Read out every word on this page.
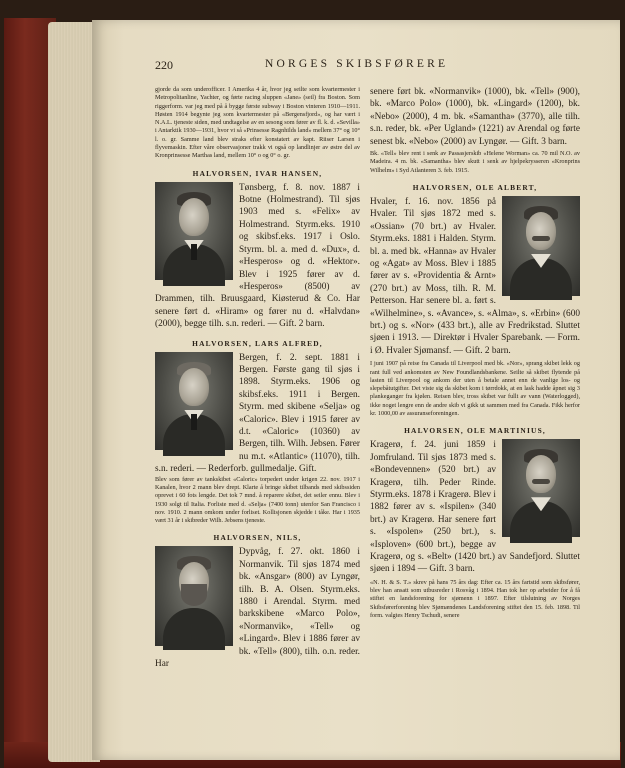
220	NORGES SKIBSFØRERE

gjorde da som underofficer. I Amerika 4 år, hvor jeg seilte som kvartermester i Metropolitanline, Yachter, og førte racing sluppen «Jane» (seil) fra Boston. Som riggerform. var jeg med på å bygge første subway i Boston vinteren 1910—1911. Høsten 1914 begynte jeg som kvartermester på «Bergensfjord», og har vært i N.A.L. tjeneste siden, med undtagelse av en sesong som fører av fl. k. d. «Sevilla» i Antarktik 1930—1931, hvor vi så «Prinsesse Ragnhilds land» mellem 37° og 10° l. o. gr. Samme land blev straks efter konstatert av kapt. Riiser Larsen i flyvemaskin. Efter våre observasjoner trakk vi også op landlinjer av østre del av Kronprinsesse Marthas land, mellem 10° o og 0° o. gr.

HALVORSEN, IVAR HANSEN,

Tønsberg, f. 8. nov. 1887 i Botne (Holmestrand). Til sjøs 1903 med s. «Felix» av Holmestrand. Styrm.eks. 1910 og skibsf.eks. 1917 i Oslo. Styrm. bl. a. med d. «Dux», d. «Hesperos» og d. «Hektor». Blev i 1925 fører av d. «Hesperos» (8500) av Drammen, tilh. Bruusgaard, Kiøsterud & Co. Har senere ført d. «Hiram» og fører nu d. «Halvdan» (2000), begge tilh. s.n. rederi. — Gift. 2 barn.

HALVORSEN, LARS ALFRED,

Bergen, f. 2. sept. 1881 i Bergen. Første gang til sjøs i 1898. Styrm.eks. 1906 og skibsf.eks. 1911 i Bergen. Styrm. med skibene «Selja» og «Caloric». Blev i 1915 fører av d.t. «Caloric» (10360) av Bergen, tilh. Wilh. Jebsen. Fører nu m.t. «Atlantic» (11070), tilh. s.n. rederi. — Rederforb. gullmedalje. Gift.

Blev som fører av tankskibet «Caloric» torpedert under krigen 22. nov. 1917 i Kanalen, hvor 2 mann blev drept. Klarte å bringe skibet tilbands med skibssiden oprevet i 60 fots lengde. Det tok 7 mnd. å reparere skibet, det seiler ennu. Blev i 1930 solgt til Italia. Forliste med d. «Selja» (7400 tonn) utenfor San Francisco i nov. 1910. 2 mann omkom under forliset. Kollisjonen skjedde i tåke. Har i 1935 vært 31 år i skibreder Wilh. Jebsens tjeneste.

HALVORSEN, NILS,

Dypvåg, f. 27. okt. 1860 i Normanvik. Til sjøs 1874 med bk. «Ansgar» (800) av Lyngør, tilh. B. A. Olsen. Styrm.eks. 1880 i Arendal. Styrm. med barkskibene «Marco Polo», «Normanvik», «Tell» og «Lingard». Blev i 1886 fører av bk. «Tell» (800), tilh. o.n. reder. Har

senere ført bk. «Normanvik» (1000), bk. «Tell» (900), bk. «Marco Polo» (1000), bk. «Lingard» (1200), bk. «Nebo» (2000), 4 m. bk. «Samantha» (3770), alle tilh. s.n. reder, bk. «Per Ugland» (1221) av Arendal og førte senest bk. «Nebo» (2000) av Lyngør. — Gift. 3 barn.

Bk. «Tell» blev rent i senk av Passasjerskib «Helene Worman» ca. 70 mil N.O. av Madeira. 4 m. bk. «Samantha» blev skutt i senk av hjelpekrysseren «Kronprins Wilhelm» i Syd Atlanteren 3. feb. 1915.

HALVORSEN, OLE ALBERT,

Hvaler, f. 16. nov. 1856 på Hvaler. Til sjøs 1872 med s. «Ossian» (70 brt.) av Hvaler. Styrm.eks. 1881 i Halden. Styrm. bl. a. med bk. «Hanna» av Hvaler og «Agat» av Moss. Blev i 1885 fører av s. «Providentia & Arnt» (270 brt.) av Moss, tilh. R. M. Petterson. Har senere bl. a. ført s. «Wilhelmine», s. «Avance», s. «Alma», s. «Erbin» (600 brt.) og s. «Nor» (433 brt.), alle av Fredrikstad. Sluttet sjøen i 1913. — Direktør i Hvaler Sparebank. — Form. i Ø. Hvaler Sjømansf. — Gift. 2 barn.

I juni 1907 på reise fra Canada til Liverpool med bk. «Nor», sprang skibet lekk og rant full ved ankomsten av New Foundlandsbankene. Seilte så skibet flytende på lasten til Liverpool og ankom der uten å betale annet enn de vanlige los- og slepebåtutgifter. Det viste sig da skibet kom i tørrdokk, at en lask hadde åpnet sig 3 plankeganger fra kjølen. Reisen blev, tross skibet var fullt av vann (Waterlogged), ikke noget lengre enn de andre skib vi gikk ut sammen med fra Canada. Fikk herfor kr. 1000,00 av assuranseforeningen.

HALVORSEN, OLE MARTINIUS,

Kragerø, f. 24. juni 1859 i Jomfruland. Til sjøs 1873 med s. «Bondevennen» (520 brt.) av Kragerø, tilh. Peder Rinde. Styrm.eks. 1878 i Kragerø. Blev i 1882 fører av s. «Ispilen» (340 brt.) av Kragerø. Har senere ført s. «Ispolen» (250 brt.), s. «Isploven» (600 brt.), begge av Kragerø, og s. «Belt» (1420 brt.) av Sandefjord. Sluttet sjøen i 1894 — Gift. 3 barn.

«N. H. & S. T.» skrev på hans 75 års dag: Efter ca. 15 års fartstid som skibsfører, blev han ansatt som utbusreder i Rosvåg i 1894. Han tok her op arbeider for å få stiftet en landsforening for sjømenn i 1897. Efter tilslutning av Norges Skibsførerforening blev Sjømændenes Landsforening stiftet den 15. feb. 1898. Til form. valgtes Henry Tschudi, senere
